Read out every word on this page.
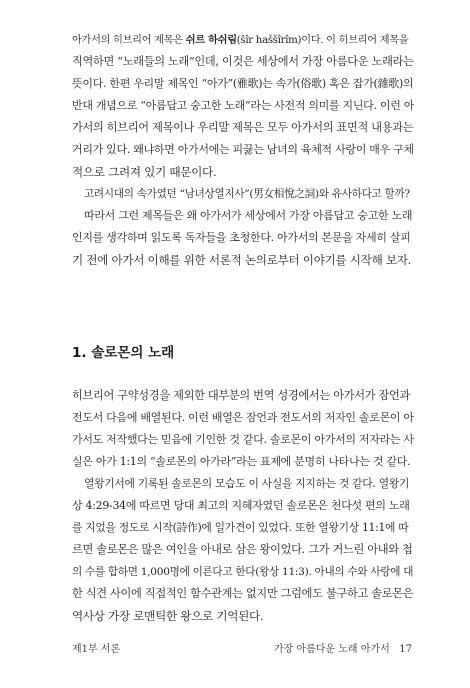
아가서의 히브리어 제목은 쉬르 하쉬림(šîr haššîrîm)이다. 이 히브리어 제목을
직역하면 “노래들의 노래”인데, 이것은 세상에서 가장 아름다운 노래라는
뜻이다. 한편 우리말 제목인 “아가”(雅歌)는 속가(俗歌) 혹은 잡가(雜歌)의
반대 개념으로 “아름답고 숭고한 노래”라는 사전적 의미를 지닌다. 이런 아
가서의 히브리어 제목이나 우리말 제목은 모두 아가서의 표면적 내용과는
거리가 있다. 왜냐하면 아가서에는 피끓는 남녀의 육체적 사랑이 매우 구체
적으로 그려져 있기 때문이다.
고려시대의 속가였던 “남녀상열지사”(男女相悅之詞)와 유사하다고 할까?
따라서 그런 제목들은 왜 아가서가 세상에서 가장 아름답고 숭고한 노래
인지를 생각하며 읽도록 독자들을 초청한다. 아가서의 본문을 자세히 살피
기 전에 아가서 이해를 위한 서론적 논의로부터 이야기를 시작해 보자.
1. 솔로몬의 노래
히브리어 구약성경을 제외한 대부분의 번역 성경에서는 아가서가 잠언과
전도서 다음에 배열된다. 이런 배열은 잠언과 전도서의 저자인 솔로몬이 아
가서도 저작했다는 믿음에 기인한 것 같다. 솔로몬이 아가서의 저자라는 사
실은 아가 1:1의 “솔로몬의 아가라”라는 표제에 분명히 나타나는 것 같다.
열왕기서에 기록된 솔로몬의 모습도 이 사실을 지지하는 것 같다. 열왕기
상 4:29-34에 따르면 당대 최고의 지혜자였던 솔로몬은 천다섯 편의 노래
를 지었을 정도로 시작(詩作)에 일가견이 있었다. 또한 열왕기상 11:1에 따
르면 솔로몬은 많은 여인을 아내로 삼은 왕이었다. 그가 거느린 아내와 첩
의 수를 합하면 1,000명에 이른다고 한다(왕상 11:3). 아내의 수와 사랑에 대
한 식견 사이에 직접적인 함수관계는 없지만 그럼에도 불구하고 솔로몬은
역사상 가장 로맨틱한 왕으로 기억된다.
제1부 서론	가장 아름다운 노래 아가서   17
